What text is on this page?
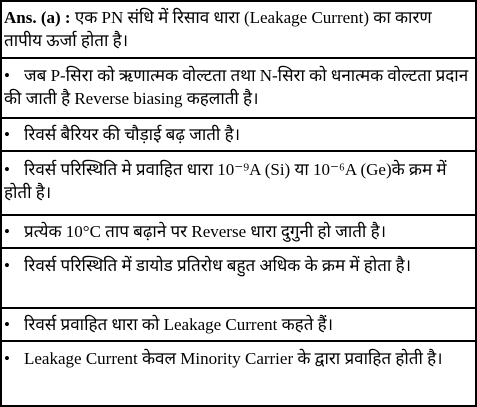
Ans. (a) : एक PN संधि में रिसाव धारा (Leakage Current) का कारण तापीय ऊर्जा होता है।
• जब P-सिरा को ऋणात्मक वोल्टता तथा N-सिरा को धनात्मक वोल्टता प्रदान की जाती है Reverse biasing कहलाती है।
• रिवर्स बैरियर की चौड़ाई बढ़ जाती है।
• रिवर्स परिस्थिति मे प्रवाहित धारा 10⁻⁹A (Si) या 10⁻⁶A (Ge)के क्रम में होती है।
• प्रत्येक 10°C ताप बढ़ाने पर Reverse धारा दुगुनी हो जाती है।
• रिवर्स परिस्थिति में डायोड प्रतिरोध बहुत अधिक के क्रम में होता है।
• रिवर्स प्रवाहित धारा को Leakage Current कहते हैं।
• Leakage Current केवल Minority Carrier के द्वारा प्रवाहित होती है।
